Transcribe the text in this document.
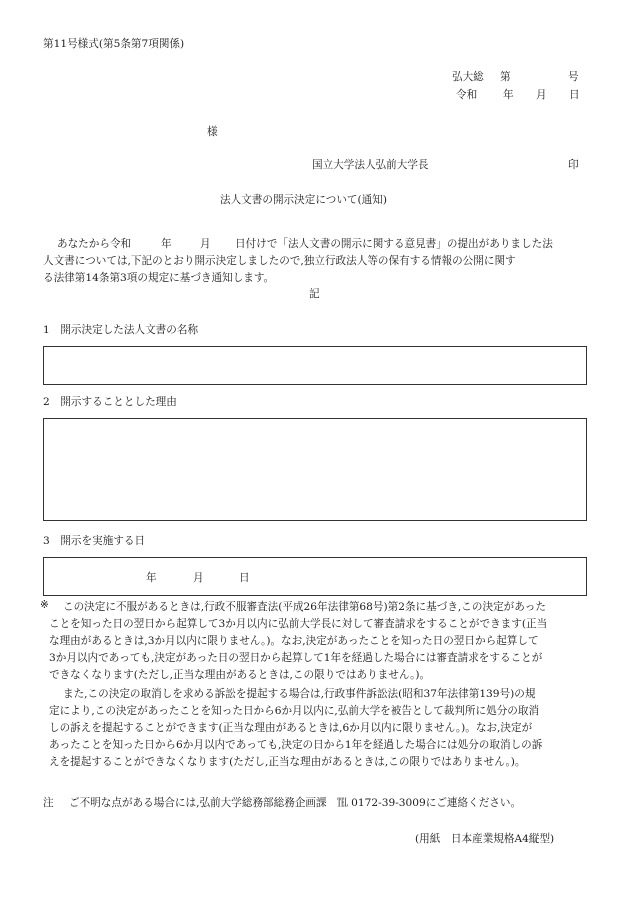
第11号様式(第5条第7項関係)
弘大総 第	号
令和 年 月 日
様
国立大学法人弘前大学長	印
法人文書の開示決定について(通知)
あなたから令和	年	月 日付けで「法人文書の開示に関する意見書」の提出がありました法
人文書については,下記のとおり開示決定しましたので,独立行政法人等の保有する情報の公開に関す
る法律第14条第3項の規定に基づき通知します。
記
1　開示決定した法人文書の名称
2　開示することとした理由
3　開示を実施する日
年	月	日
※ この決定に不服があるときは,行政不服審査法(平成26年法律第68号)第2条に基づき,この決定があった
ことを知った日の翌日から起算して3か月以内に弘前大学長に対して審査請求をすることができます(正当
な理由があるときは,3か月以内に限りません。)。なお,決定があったことを知った日の翌日から起算して
3か月以内であっても,決定があった日の翌日から起算して1年を経過した場合には審査請求をすることが
できなくなります(ただし,正当な理由があるときは,この限りではありません。)。
また,この決定の取消しを求める訴訟を提起する場合は,行政事件訴訟法(昭和37年法律第139号)の規
定により,この決定があったことを知った日から6か月以内に,弘前大学を被告として裁判所に処分の取消
しの訴えを提起することができます(正当な理由があるときは,6か月以内に限りません。)。なお,決定が
あったことを知った日から6か月以内であっても,決定の日から1年を経過した場合には処分の取消しの訴
えを提起することができなくなります(ただし,正当な理由があるときは,この限りではありません。)。
注 ご不明な点がある場合には,弘前大学総務部総務企画課　℡ 0172-39-3009にご連絡ください。
(用紙　日本産業規格A4縦型)
